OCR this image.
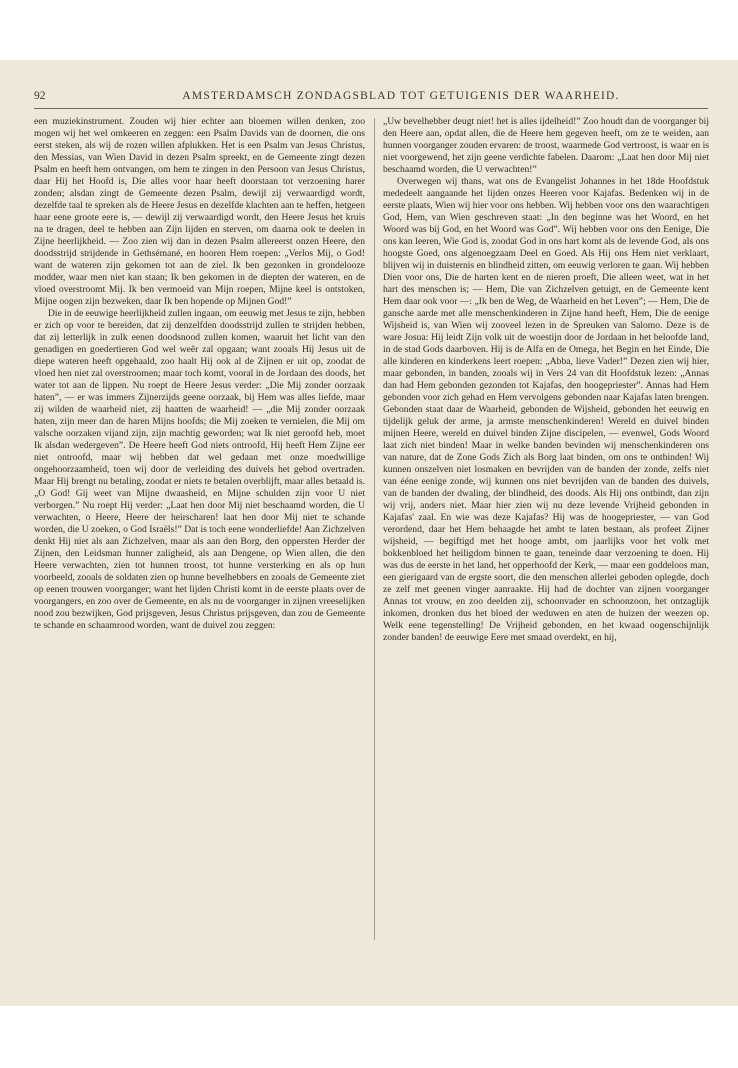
92	AMSTERDAMSCH ZONDAGSBLAD TOT GETUIGENIS DER WAARHEID.

een muziekinstrument. Zouden wij hier echter aan bloemen willen denken, zoo mogen wij het wel omkeeren en zeggen: een Psalm Davids van de doornen, die ons eerst steken, als wij de rozen willen afplukken. Het is een Psalm van Jesus Christus, den Messias, van Wien David in dezen Psalm spreekt, en de Gemeente zingt dezen Psalm en heeft hem ontvangen, om hem te zingen in den Persoon van Jesus Christus, daar Hij het Hoofd is, Die alles voor haar heeft doorstaan tot verzoening harer zonden; alsdan zingt de Gemeente dezen Psalm, dewijl zij verwaardigd wordt, dezelfde taal te spreken als de Heere Jesus en dezelfde klachten aan te heffen, hetgeen haar eene groote eere is, — dewijl zij verwaardigd wordt, den Heere Jesus het kruis na te dragen, deel te hebben aan Zijn lijden en sterven, om daarna ook te deelen in Zijne heerlijkheid. — Zoo zien wij dan in dezen Psalm allereerst onzen Heere, den doodsstrijd strijdende in Gethsémané, en hooren Hem roepen: „Verlos Mij, o God! want de wateren zijn gekomen tot aan de ziel. Ik ben gezonken in grondelooze modder, waar men niet kan staan; Ik ben gekomen in de diepten der wateren, en de vloed overstroomt Mij. Ik ben vermoeid van Mijn roepen, Mijne keel is ontstoken, Mijne oogen zijn bezweken, daar Ik ben hopende op Mijnen God!”

Die in de eeuwige heerlijkheid zullen ingaan, om eeuwig met Jesus te zijn, hebben er zich op voor te bereiden, dat zij denzelfden doodsstrijd zullen te strijden hebben, dat zij letterlijk in zulk eenen doodsnood zullen komen, waaruit het licht van den genadigen en goedertieren God wel weêr zal opgaan; want zooals Hij Jesus uit de diepe wateren heeft opgehaald, zoo haalt Hij ook al de Zijnen er uit op, zoodat de vloed hen niet zal overstroomen; maar toch komt, vooral in de Jordaan des doods, het water tot aan de lippen. Nu roept de Heere Jesus verder: „Die Mij zonder oorzaak haten”, — er was immers Zijnerzijds geene oorzaak, bij Hem was alles liefde, maar zij wilden de waarheid niet, zij haatten de waarheid! — „die Mij zonder oorzaak haten, zijn meer dan de haren Mijns hoofds; die Mij zoeken te vernielen, die Mij om valsche oorzaken vijand zijn, zijn machtig geworden; wat Ik niet geroofd heb, moet Ik alsdan wedergeven”. De Heere heeft God niets ontroofd, Hij heeft Hem Zijne eer niet ontroofd, maar wij hebben dat wel gedaan met onze moedwillige ongehoorzaamheid, toen wij door de verleiding des duivels het gebod overtraden. Maar Hij brengt nu betaling, zoodat er niets te betalen overblijft, maar alles betaald is. „O God! Gij weet van Mijne dwaasheid, en Mijne schulden zijn voor U niet verborgen.” Nu roept Hij verder: „Laat hen door Mij niet beschaamd worden, die U verwachten, o Heere, Heere der heirscharen! laat hen door Mij niet te schande worden, die U zoeken, o God Israëls!” Dat is toch eene wonderliefde! Aan Zichzelven denkt Hij niet als aan Zichzelven, maar als aan den Borg, den oppersten Herder der Zijnen, den Leidsman hunner zaligheid, als aan Dengene, op Wien allen, die den Heere verwachten, zien tot hunnen troost, tot hunne versterking en als op hun voorbeeld, zooals de soldaten zien op hunne bevelhebbers en zooals de Gemeente ziet op eenen trouwen voorganger; want het lijden Christi komt in de eerste plaats over de voorgangers, en zoo over de Gemeente, en als nu de voorganger in zijnen vreeselijken nood zou bezwijken, God prijsgeven, Jesus Christus prijsgeven, dan zou de Gemeente te schande en schaamrood worden, want de duivel zou zeggen:

„Uw bevelhebber deugt niet! het is alles ijdelheid!” Zoo houdt dan de voorganger bij den Heere aan, opdat allen, die de Heere hem gegeven heeft, om ze te weiden, aan hunnen voorganger zouden ervaren: de troost, waarmede God vertroost, is waar en is niet voorgewend, het zijn geene verdichte fabelen. Daarom: „Laat hen door Mij niet beschaamd worden, die U verwachten!”

Overwegen wij thans, wat ons de Evangelist Johannes in het 18de Hoofdstuk mededeelt aangaande het lijden onzes Heeren voor Kajafas. Bedenken wij in de eerste plaats, Wien wij hier voor ons hebben. Wij hebben voor ons den waarachtigen God, Hem, van Wien geschreven staat: „In den beginne was het Woord, en het Woord was bij God, en het Woord was God”. Wij hebben voor ons den Eenige, Die ons kan leeren, Wie God is, zoodat God in ons hart komt als de levende God, als ons hoogste Goed, ons algenoegzaam Deel en Goed. Als Hij ons Hem niet verklaart, blijven wij in duisternis en blindheid zitten, om eeuwig verloren te gaan. Wij hebben Dien voor ons, Die de harten kent en de nieren proeft, Die alleen weet, wat in het hart des menschen is; — Hem, Die van Zichzelven getuigt, en de Gemeente kent Hem daar ook voor —: „Ik ben de Weg, de Waarheid en het Leven”; — Hem, Die de gansche aarde met alle menschenkinderen in Zijne hand heeft, Hem, Die de eenige Wijsheid is, van Wien wij zooveel lezen in de Spreuken van Salomo. Deze is de ware Josua: Hij leidt Zijn volk uit de woestijn door de Jordaan in het beloofde land, in de stad Gods daarboven. Hij is de Alfa en de Omega, het Begin en het Einde, Die alle kinderen en kinderkens leert roepen: „Abba, lieve Vader!” Dezen zien wij hier, maar gebonden, in banden, zooals wij in Vers 24 van dit Hoofdstuk lezen: „Annas dan had Hem gebonden gezonden tot Kajafas, den hoogepriester”. Annas had Hem gebonden voor zich gehad en Hem vervolgens gebonden naar Kajafas laten brengen. Gebonden staat daar de Waarheid, gebonden de Wijsheid, gebonden het eeuwig en tijdelijk geluk der arme, ja armste menschenkinderen! Wereld en duivel binden mijnen Heere, wereld en duivel binden Zijne discipelen, — evenwel, Gods Woord laat zich niet binden! Maar in welke banden bevinden wij menschenkinderen ons van nature, dat de Zone Gods Zich als Borg laat binden, om ons te ontbinden! Wij kunnen onszelven niet losmaken en bevrijden van de banden der zonde, zelfs niet van ééne eenige zonde, wij kunnen ons niet bevrijden van de banden des duivels, van de banden der dwaling, der blindheid, des doods. Als Hij ons ontbindt, dan zijn wij vrij, anders niet. Maar hier zien wij nu deze levende Vrijheid gebonden in Kajafas' zaal. En wie was deze Kajafas? Hij was de hoogepriester, — van God verordend, daar het Hem behaagde het ambt te laten bestaan, als profeet Zijner wijsheid, — begiftigd met het hooge ambt, om jaarlijks voor het volk met bokkenbloed het heiligdom binnen te gaan, teneinde daar verzoening te doen. Hij was dus de eerste in het land, het opperhoofd der Kerk, — maar een goddeloos man, een gierigaard van de ergste soort, die den menschen allerlei geboden oplegde, doch ze zelf met geenen vinger aanraakte. Hij had de dochter van zijnen voorganger Annas tot vrouw, en zoo deelden zij, schoonvader en schoonzoon, het ontzaglijk inkomen, dronken dus het bloed der weduwen en aten de huizen der weezen op. Welk eene tegenstelling! De Vrijheid gebonden, en het kwaad oogenschijnlijk zonder banden! de eeuwige Eere met smaad overdekt, en hij,
